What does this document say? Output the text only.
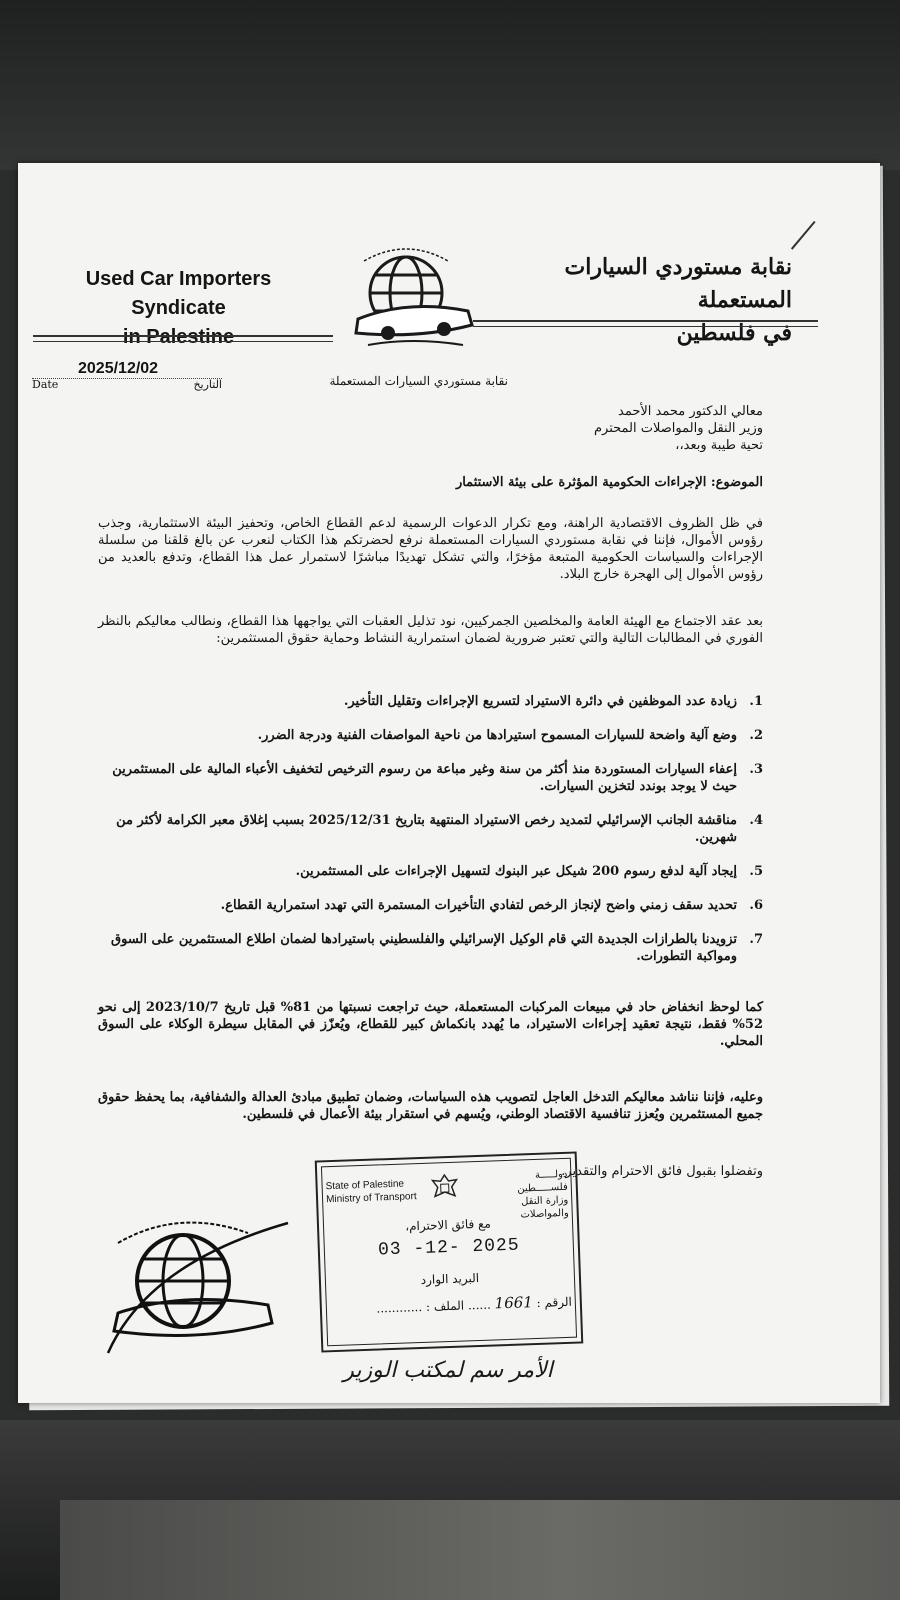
Used Car Importers Syndicate
in Palestine
نقابة مستوردي السيارات المستعملة
في فلسطين
2025/12/02
Date	التاريخ	نقابة مستوردي السيارات المستعملة
معالي الدكتور محمد الأحمد
وزير النقل والمواصلات المحترم
تحية طيبة وبعد،،
الموضوع: الإجراءات الحكومية المؤثرة على بيئة الاستثمار
في ظل الظروف الاقتصادية الراهنة، ومع تكرار الدعوات الرسمية لدعم القطاع الخاص، وتحفيز البيئة الاستثمارية، وجذب رؤوس الأموال، فإننا في نقابة مستوردي السيارات المستعملة نرفع لحضرتكم هذا الكتاب لنعرب عن بالغ قلقنا من سلسلة الإجراءات والسياسات الحكومية المتبعة مؤخرًا، والتي تشكل تهديدًا مباشرًا لاستمرار عمل هذا القطاع، وتدفع بالعديد من رؤوس الأموال إلى الهجرة خارج البلاد.
بعد عقد الاجتماع مع الهيئة العامة والمخلصين الجمركيين، نود تذليل العقبات التي يواجهها هذا القطاع، ونطالب معاليكم بالنظر الفوري في المطالبات التالية والتي تعتبر ضرورية لضمان استمرارية النشاط وحماية حقوق المستثمرين:
1.
زيادة عدد الموظفين في دائرة الاستيراد لتسريع الإجراءات وتقليل التأخير.
2.
وضع آلية واضحة للسيارات المسموح استيرادها من ناحية المواصفات الفنية ودرجة الضرر.
3.
إعفاء السيارات المستوردة منذ أكثر من سنة وغير مباعة من رسوم الترخيص لتخفيف الأعباء المالية على المستثمرين حيث لا يوجد بوندد لتخزين السيارات.
4.
مناقشة الجانب الإسرائيلي لتمديد رخص الاستيراد المنتهية بتاريخ 2025/12/31 بسبب إغلاق معبر الكرامة لأكثر من شهرين.
5.
إيجاد آلية لدفع رسوم 200 شيكل عبر البنوك لتسهيل الإجراءات على المستثمرين.
6.
تحديد سقف زمني واضح لإنجاز الرخص لتفادي التأخيرات المستمرة التي تهدد استمرارية القطاع.
7.
تزويدنا بالطرازات الجديدة التي قام الوكيل الإسرائيلي والفلسطيني باستيرادها لضمان اطلاع المستثمرين على السوق ومواكبة التطورات.
كما لوحظ انخفاض حاد في مبيعات المركبات المستعملة، حيث تراجعت نسبتها من 81% قبل تاريخ 2023/10/7 إلى نحو 52% فقط، نتيجة تعقيد إجراءات الاستيراد، ما يُهدد بانكماش كبير للقطاع، ويُعزّز في المقابل سيطرة الوكلاء على السوق المحلي.
وعليه، فإننا نناشد معاليكم التدخل العاجل لتصويب هذه السياسات، وضمان تطبيق مبادئ العدالة والشفافية، بما يحفظ حقوق جميع المستثمرين ويُعزز تنافسية الاقتصاد الوطني، ويُسهم في استقرار بيئة الأعمال في فلسطين.
وتفضلوا بقبول فائق الاحترام والتقدير.
State of Palestine
Ministry of Transport
دولـــــة فلســـــطين
وزارة النقل والمواصلات
مع فائق الاحترام،
03 -12- 2025
البريد الوارد
الرقم : 1661 ...... الملف : ............
الأمر سم لمكتب الوزير
